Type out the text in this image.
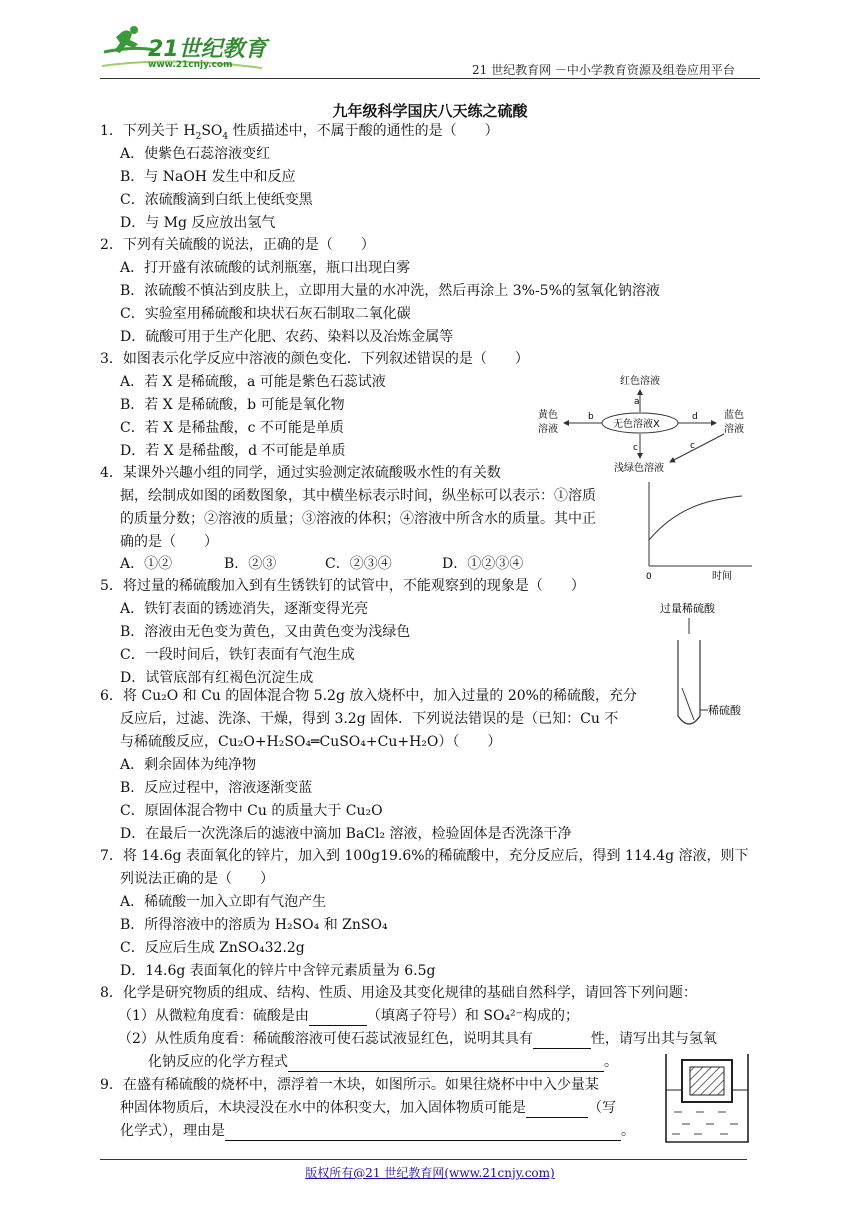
21世纪教育
www.21cnjy.com	21 世纪教育网 －中小学教育资源及组卷应用平台
九年级科学国庆八天练之硫酸
1．下列关于 $H_2SO_4$ 性质描述中，不属于酸的通性的是（　　）
A．使紫色石蕊溶液变红
B．与 NaOH 发生中和反应
C．浓硫酸滴到白纸上使纸变黑
D．与 Mg 反应放出氢气
2．下列有关硫酸的说法，正确的是（　　）
A．打开盛有浓硫酸的试剂瓶塞，瓶口出现白雾
B．浓硫酸不慎沾到皮肤上，立即用大量的水冲洗，然后再涂上 3%-5%的氢氧化钠溶液
C．实验室用稀硫酸和块状石灰石制取二氧化碳
D．硫酸可用于生产化肥、农药、染料以及冶炼金属等
3．如图表示化学反应中溶液的颜色变化．下列叙述错误的是（　　）
A．若 X 是稀硫酸，a 可能是紫色石蕊试液
B．若 X 是稀硫酸，b 可能是氧化物
C．若 X 是稀盐酸，c 不可能是单质
D．若 X 是稀盐酸，d 不可能是单质
红色溶液
a
无色溶液X
b
黄色
溶液
d	蓝色
溶液
c	c
浅绿色溶液
4．某课外兴趣小组的同学，通过实验测定浓硫酸吸水性的有关数
据，绘制成如图的函数图象，其中横坐标表示时间，纵坐标可以表示：①溶质
的质量分数；②溶液的质量；③溶液的体积；④溶液中所含水的质量。其中正
确的是（　　）
A．①②	B．②③	C．②③④	D．①②③④
0	时间
5．将过量的稀硫酸加入到有生锈铁钉的试管中，不能观察到的现象是（　　）
A．铁钉表面的锈迹消失，逐渐变得光亮
B．溶液由无色变为黄色，又由黄色变为浅绿色
C．一段时间后，铁钉表面有气泡生成
D．试管底部有红褐色沉淀生成
过量稀硫酸
稀硫酸
6．将 Cu₂O 和 Cu 的固体混合物 5.2g 放入烧杯中，加入过量的 20%的稀硫酸，充分
反应后，过滤、洗涤、干燥，得到 3.2g 固体．下列说法错误的是（已知：Cu 不
与稀硫酸反应，Cu₂O+H₂SO₄═CuSO₄+Cu+H₂O）（　　）
A．剩余固体为纯净物
B．反应过程中，溶液逐渐变蓝
C．原固体混合物中 Cu 的质量大于 Cu₂O
D．在最后一次洗涤后的滤液中滴加 BaCl₂ 溶液，检验固体是否洗涤干净
7．将 14.6g 表面氧化的锌片，加入到 100g19.6%的稀硫酸中，充分反应后，得到 114.4g 溶液，则下
列说法正确的是（　　）
A．稀硫酸一加入立即有气泡产生
B．所得溶液中的溶质为 H₂SO₄ 和 ZnSO₄
C．反应后生成 ZnSO₄32.2g
D．14.6g 表面氧化的锌片中含锌元素质量为 6.5g
8．化学是研究物质的组成、结构、性质、用途及其变化规律的基础自然科学，请回答下列问题：
（1）从微粒角度看：硫酸是由	（填离子符号）和 SO₄²⁻构成的；
（2）从性质角度看：稀硫酸溶液可使石蕊试液显红色，说明其具有	性，请写出其与氢氧
化钠反应的化学方程式	。
9．在盛有稀硫酸的烧杯中，漂浮着一木块，如图所示。如果往烧杯中中入少量某
种固体物质后，木块浸没在水中的体积变大，加入固体物质可能是	（写
化学式），理由是	。
版权所有@21 世纪教育网(www.21cnjy.com)
